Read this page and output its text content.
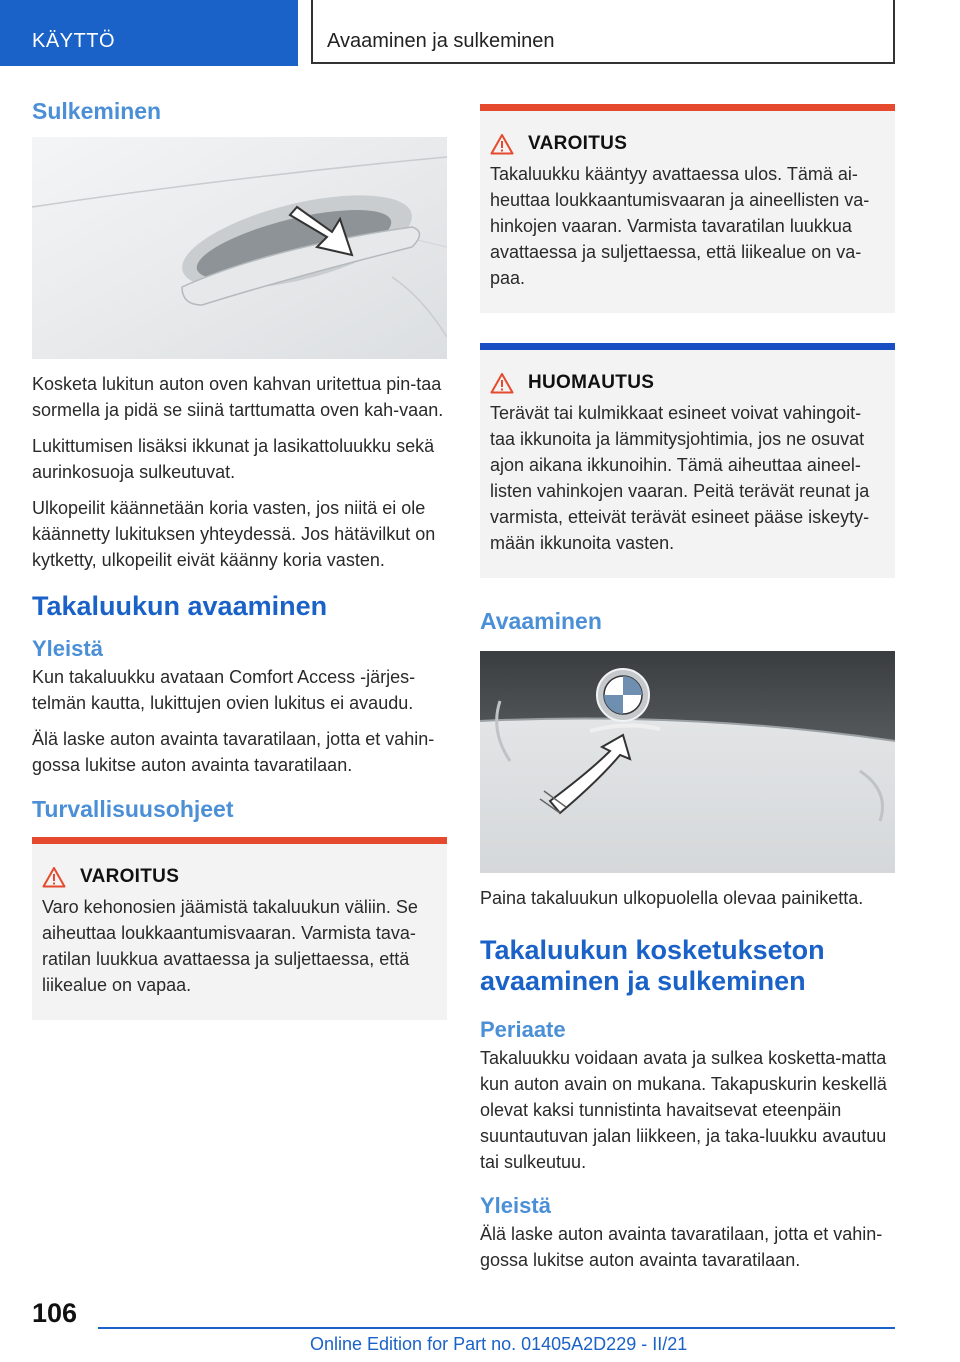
KÄYTTÖ	Avaaminen ja sulkeminen
Sulkeminen

Kosketa lukitun auton oven kahvan uritettua pin-taa sormella ja pidä se siinä tarttumatta oven kah-vaan.

Lukittumisen lisäksi ikkunat ja lasikattoluukku sekä aurinkosuoja sulkeutuvat.

Ulkopeilit käännetään koria vasten, jos niitä ei ole käännetty lukituksen yhteydessä. Jos hätävilkut on kytketty, ulkopeilit eivät käänny koria vasten.

Takaluukun avaaminen
Yleistä

Kun takaluukku avataan Comfort Access -järjes-telmän kautta, lukittujen ovien lukitus ei avaudu.

Älä laske auton avainta tavaratilaan, jotta et vahin-gossa lukitse auton avainta tavaratilaan.

Turvallisuusohjeet
VAROITUS

Varo kehonosien jäämistä takaluukun väliin. Se aiheuttaa loukkaantumisvaaran. Varmista tava-ratilan luukkua avattaessa ja suljettaessa, että liikealue on vapaa.

VAROITUS

Takaluukku kääntyy avattaessa ulos. Tämä ai-heuttaa loukkaantumisvaaran ja aineellisten va-hinkojen vaaran. Varmista tavaratilan luukkua avattaessa ja suljettaessa, että liikealue on va-paa.

HUOMAUTUS

Terävät tai kulmikkaat esineet voivat vahingoit-taa ikkunoita ja lämmitysjohtimia, jos ne osuvat ajon aikana ikkunoihin. Tämä aiheuttaa aineel-listen vahinkojen vaaran. Peitä terävät reunat ja varmista, etteivät terävät esineet pääse iskeyty-mään ikkunoita vasten.

Avaaminen

Paina takaluukun ulkopuolella olevaa painiketta.

Takaluukun kosketukseton avaaminen ja sulkeminen
Periaate

Takaluukku voidaan avata ja sulkea kosketta-matta kun auton avain on mukana. Takapuskurin keskellä olevat kaksi tunnistinta havaitsevat eteenpäin suuntautuvan jalan liikkeen, ja taka-luukku avautuu tai sulkeutuu.

Yleistä

Älä laske auton avainta tavaratilaan, jotta et vahin-gossa lukitse auton avainta tavaratilaan.

106
Online Edition for Part no. 01405A2D229 - II/21
